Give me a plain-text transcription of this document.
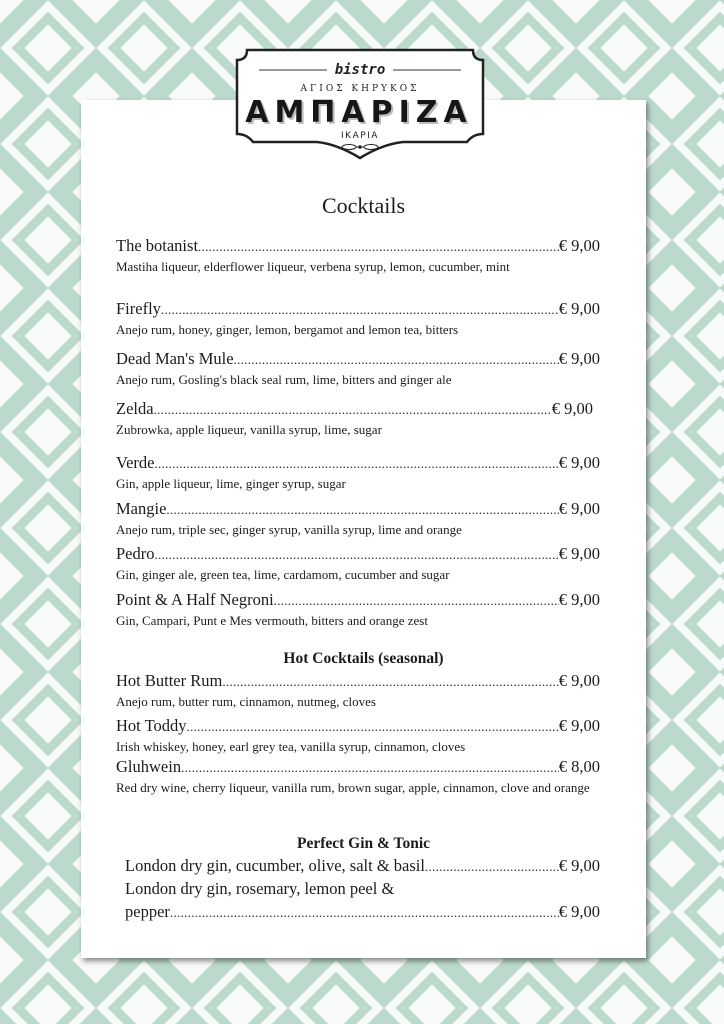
bistro
ΑΓΙΟΣ ΚΗΡΥΚΟΣ
ΑΜΠΑΡΙΖΑ
ΙΚΑΡΙΑ
Cocktails
Hot Cocktails (seasonal)
Perfect Gin & Tonic
The botanist .....	€ 9,00
Mastiha liqueur, elderflower liqueur, verbena syrup, lemon, cucumber, mint
Firefly .....	€ 9,00
Anejo rum, honey, ginger, lemon, bergamot and lemon tea, bitters
Dead Man's Mule .....	€ 9,00
Anejo rum, Gosling's black seal rum, lime, bitters and ginger ale
Zelda .....	€ 9,00
Zubrowka, apple liqueur, vanilla syrup, lime, sugar
Verde .....	€ 9,00
Gin, apple liqueur, lime, ginger syrup, sugar
Mangie .....	€ 9,00
Anejo rum, triple sec, ginger syrup, vanilla syrup, lime and orange
Pedro .....	€ 9,00
Gin, ginger ale, green tea, lime, cardamom, cucumber and sugar
Point & A Half Negroni .....	€ 9,00
Gin, Campari, Punt e Mes vermouth, bitters and orange zest
Hot Butter Rum .....	€ 9,00
Anejo rum, butter rum, cinnamon, nutmeg, cloves
Hot Toddy .....	€ 9,00
Irish whiskey, honey, earl grey tea, vanilla syrup, cinnamon, cloves
Gluhwein .....	€ 8,00
Red dry wine, cherry liqueur, vanilla rum, brown sugar, apple, cinnamon, clove and orange
London dry gin, cucumber, olive, salt & basil .....	€ 9,00
London dry gin, rosemary, lemon peel &
pepper .....	€ 9,00
